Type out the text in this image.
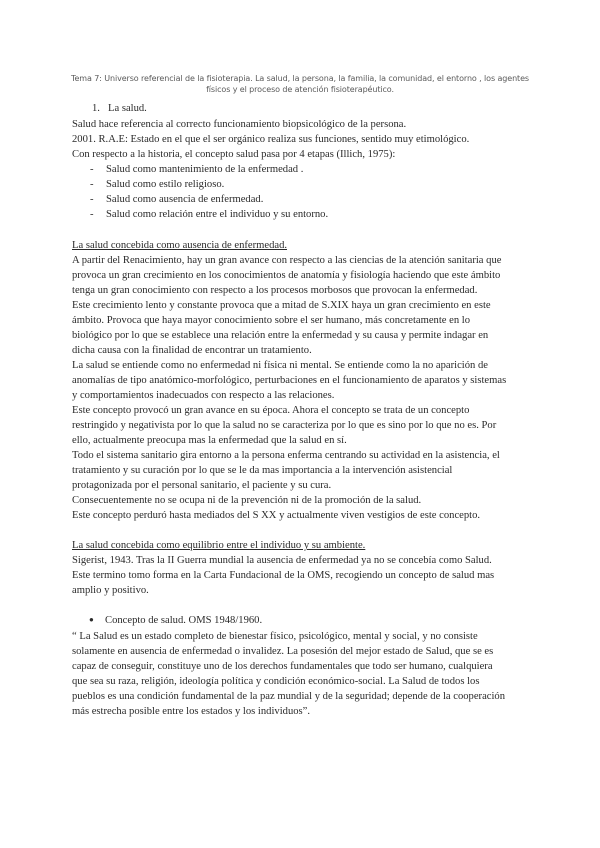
Tema 7: Universo referencial de la fisioterapia. La salud, la persona, la familia, la comunidad, el entorno , los agentes físicos y el proceso de atención fisioterapéutico.
1. La salud.
Salud hace referencia al correcto funcionamiento biopsicológico de la persona.
2001. R.A.E: Estado en el que el ser orgánico realiza sus funciones, sentido muy etimológico.
Con respecto a la historia, el concepto salud pasa por 4 etapas (Illich, 1975):
- Salud como mantenimiento de la enfermedad .
- Salud como estilo religioso.
- Salud como ausencia de enfermedad.
- Salud como relación entre el individuo y su entorno.
La salud concebida como ausencia de enfermedad.
A partir del Renacimiento, hay un gran avance con respecto a las ciencias de la atención sanitaria que
provoca un gran crecimiento en los conocimientos de anatomía y fisiología haciendo que este ámbito
tenga un gran conocimiento con respecto a los procesos morbosos que provocan la enfermedad.
Este crecimiento lento y constante provoca que a mitad de S.XIX haya un gran crecimiento en este
ámbito. Provoca que haya mayor conocimiento sobre el ser humano, más concretamente en lo
biológico por lo que se establece una relación entre la enfermedad y su causa y permite indagar en
dicha causa con la finalidad de encontrar un tratamiento.
La salud se entiende como no enfermedad ni física ni mental. Se entiende como la no aparición de
anomalías de tipo anatómico-morfológico, perturbaciones en el funcionamiento de aparatos y sistemas
y comportamientos inadecuados con respecto a las relaciones.
Este concepto provocó un gran avance en su época. Ahora el concepto se trata de un concepto
restringido y negativista por lo que la salud no se caracteriza por lo que es sino por lo que no es. Por
ello, actualmente preocupa mas la enfermedad que la salud en sí.
Todo el sistema sanitario gira entorno a la persona enferma centrando su actividad en la asistencia, el
tratamiento y su curación por lo que se le da mas importancia a la intervención asistencial
protagonizada por el personal sanitario, el paciente y su cura.
Consecuentemente no se ocupa ni de la prevención ni de la promoción de la salud.
Este concepto perduró hasta mediados del S XX y actualmente viven vestigios de este concepto.
La salud concebida como equilibrio entre el individuo y su ambiente.
Sigerist, 1943. Tras la II Guerra mundial la ausencia de enfermedad ya no se concebía como Salud.
Este termino tomo forma en la Carta Fundacional de la OMS, recogiendo un concepto de salud mas
amplio y positivo.
● Concepto de salud. OMS 1948/1960.
“ La Salud es un estado completo de bienestar físico, psicológico, mental y social, y no consiste
solamente en ausencia de enfermedad o invalidez. La posesión del mejor estado de Salud, que se es
capaz de conseguir, constituye uno de los derechos fundamentales que todo ser humano, cualquiera
que sea su raza, religión, ideología política y condición económico-social. La Salud de todos los
pueblos es una condición fundamental de la paz mundial y de la seguridad; depende de la cooperación
más estrecha posible entre los estados y los individuos”.
